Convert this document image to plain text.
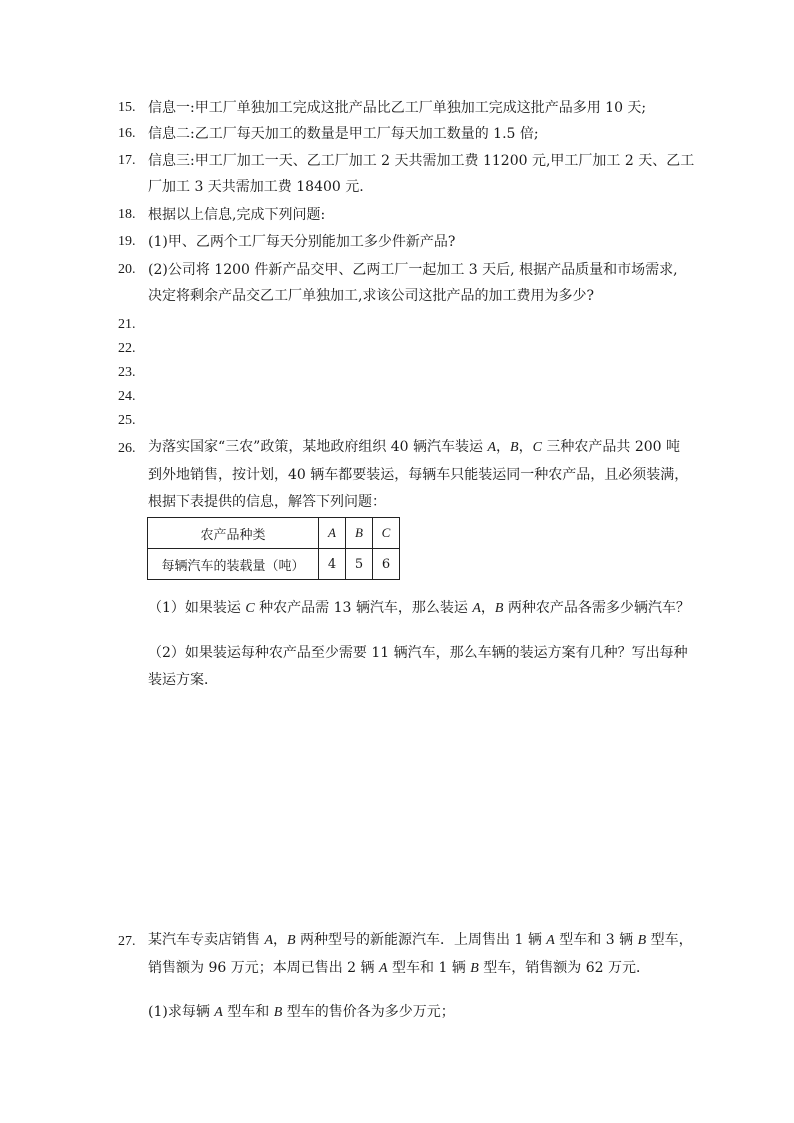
15. 信息一:甲工厂单独加工完成这批产品比乙工厂单独加工完成这批产品多用 10 天;
16. 信息二:乙工厂每天加工的数量是甲工厂每天加工数量的 1.5 倍;
17. 信息三:甲工厂加工一天、乙工厂加工 2 天共需加工费 11200 元,甲工厂加工 2 天、乙工
厂加工 3 天共需加工费 18400 元.
18. 根据以上信息,完成下列问题:
19. (1)甲、乙两个工厂每天分别能加工多少件新产品?
20. (2)公司将 1200 件新产品交甲、乙两工厂一起加工 3 天后, 根据产品质量和市场需求,
决定将剩余产品交乙工厂单独加工,求该公司这批产品的加工费用为多少?
21.
22.
23.
24.
25.
26. 为落实国家“三农”政策，某地政府组织 40 辆汽车装运 A，B，C 三种农产品共 200 吨
到外地销售，按计划，40 辆车都要装运，每辆车只能装运同一种农产品，且必须装满，
根据下表提供的信息，解答下列问题：
农产品种类	A	B	C
每辆汽车的装载量（吨）	4	5	6
（1）如果装运 C 种农产品需 13 辆汽车，那么装运 A，B 两种农产品各需多少辆汽车？
（2）如果装运每种农产品至少需要 11 辆汽车，那么车辆的装运方案有几种？写出每种
装运方案．
27. 某汽车专卖店销售 A，B 两种型号的新能源汽车．上周售出 1 辆 A 型车和 3 辆 B 型车，
销售额为 96 万元；本周已售出 2 辆 A 型车和 1 辆 B 型车，销售额为 62 万元．
(1)求每辆 A 型车和 B 型车的售价各为多少万元；
